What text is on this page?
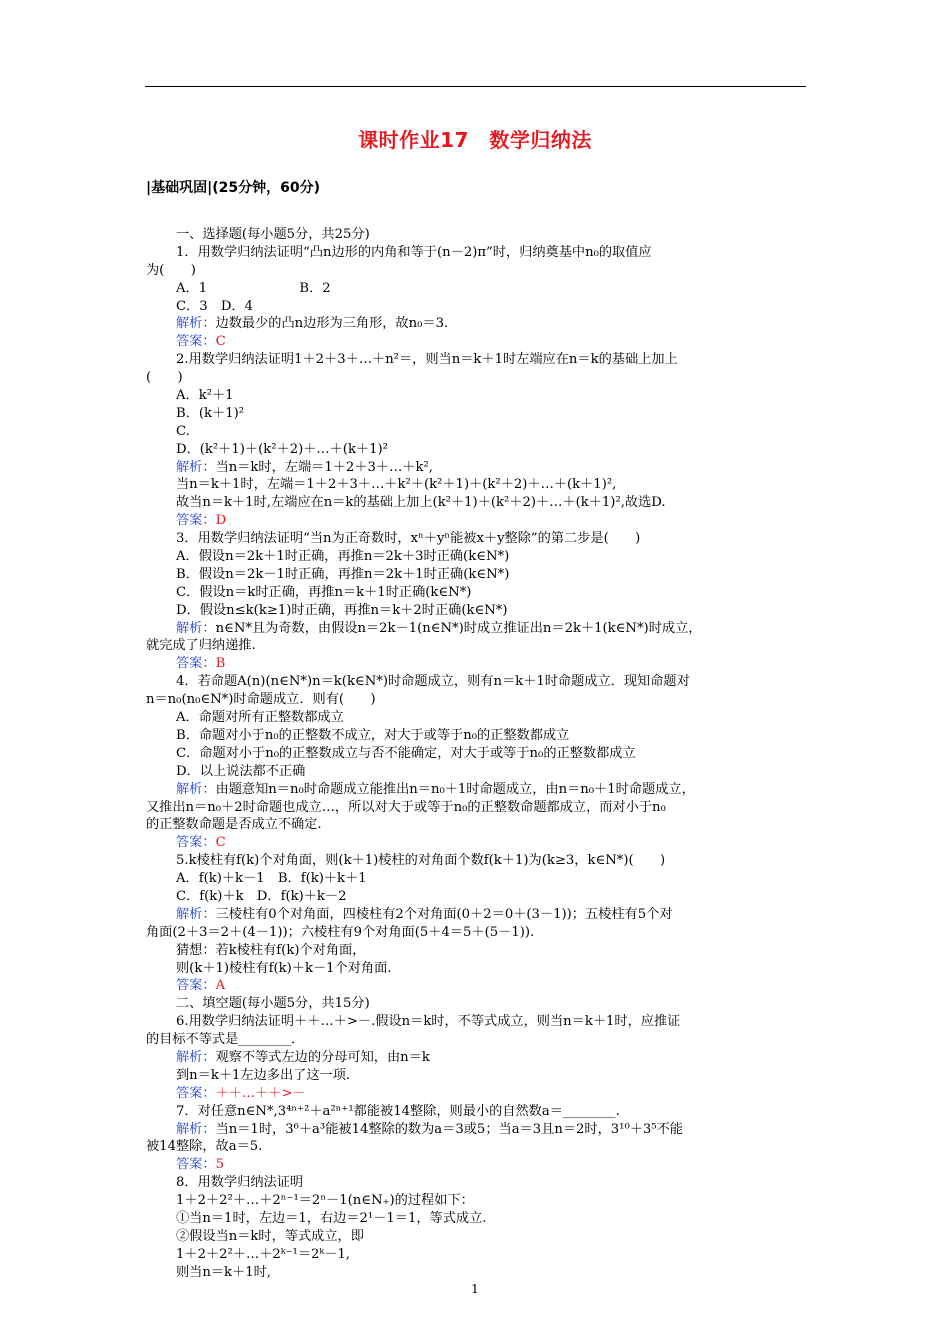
课时作业17　数学归纳法
|基础巩固|(25分钟，60分)
一、选择题(每小题5分，共25分)
1．用数学归纳法证明“凸n边形的内角和等于(n－2)π”时，归纳奠基中n₀的取值应
为(　　)
A．1　　　　　　　B．2
C．3　D．4
解析：边数最少的凸n边形为三角形，故n₀＝3.
答案：C
2.用数学归纳法证明1＋2＋3＋…＋n²＝，则当n＝k＋1时左端应在n＝k的基础上加上
(　　)
A．k²＋1
B．(k＋1)²
C.
D．(k²＋1)＋(k²＋2)＋…＋(k＋1)²
解析：当n＝k时，左端＝1＋2＋3＋…＋k²,
当n＝k＋1时，左端＝1＋2＋3＋…＋k²＋(k²＋1)＋(k²＋2)＋…＋(k＋1)²,
故当n＝k＋1时,左端应在n＝k的基础上加上(k²＋1)＋(k²＋2)＋…＋(k＋1)²,故选D.
答案：D
3．用数学归纳法证明“当n为正奇数时，xⁿ＋yⁿ能被x＋y整除”的第二步是(　　)
A．假设n＝2k＋1时正确，再推n＝2k＋3时正确(k∈N*)
B．假设n＝2k－1时正确，再推n＝2k＋1时正确(k∈N*)
C．假设n＝k时正确，再推n＝k＋1时正确(k∈N*)
D．假设n≤k(k≥1)时正确，再推n＝k＋2时正确(k∈N*)
解析：n∈N*且为奇数，由假设n＝2k－1(n∈N*)时成立推证出n＝2k＋1(k∈N*)时成立，
就完成了归纳递推.
答案：B
4．若命题A(n)(n∈N*)n＝k(k∈N*)时命题成立，则有n＝k＋1时命题成立．现知命题对
n＝n₀(n₀∈N*)时命题成立．则有(　　)
A．命题对所有正整数都成立
B．命题对小于n₀的正整数不成立，对大于或等于n₀的正整数都成立
C．命题对小于n₀的正整数成立与否不能确定，对大于或等于n₀的正整数都成立
D．以上说法都不正确
解析：由题意知n＝n₀时命题成立能推出n＝n₀＋1时命题成立，由n＝n₀＋1时命题成立，
又推出n＝n₀＋2时命题也成立…，所以对大于或等于n₀的正整数命题都成立，而对小于n₀
的正整数命题是否成立不确定.
答案：C
5.k棱柱有f(k)个对角面，则(k＋1)棱柱的对角面个数f(k＋1)为(k≥3，k∈N*)(　　)
A．f(k)＋k－1　B．f(k)＋k＋1
C．f(k)＋k　D．f(k)＋k－2
解析：三棱柱有0个对角面，四棱柱有2个对角面(0＋2＝0＋(3－1))；五棱柱有5个对
角面(2＋3＝2＋(4－1))；六棱柱有9个对角面(5＋4＝5＋(5－1)).
猜想：若k棱柱有f(k)个对角面，
则(k＋1)棱柱有f(k)＋k－1个对角面.
答案：A
二、填空题(每小题5分，共15分)
6.用数学归纳法证明＋＋…＋>－.假设n＝k时，不等式成立，则当n＝k＋1时，应推证
的目标不等式是________．
解析：观察不等式左边的分母可知，由n＝k
到n＝k＋1左边多出了这一项.
答案：＋＋…＋＋>－
7．对任意n∈N*,3⁴ⁿ⁺²＋a²ⁿ⁺¹都能被14整除，则最小的自然数a＝________.
解析：当n＝1时，3⁶＋a³能被14整除的数为a＝3或5；当a＝3且n＝2时，3¹⁰＋3⁵不能
被14整除，故a＝5.
答案：5
8．用数学归纳法证明
1＋2＋2²＋…＋2ⁿ⁻¹＝2ⁿ－1(n∈N₊)的过程如下：
①当n＝1时，左边＝1，右边＝2¹－1＝1，等式成立.
②假设当n＝k时，等式成立，即
1＋2＋2²＋…＋2ᵏ⁻¹＝2ᵏ－1,
则当n＝k＋1时,
1
